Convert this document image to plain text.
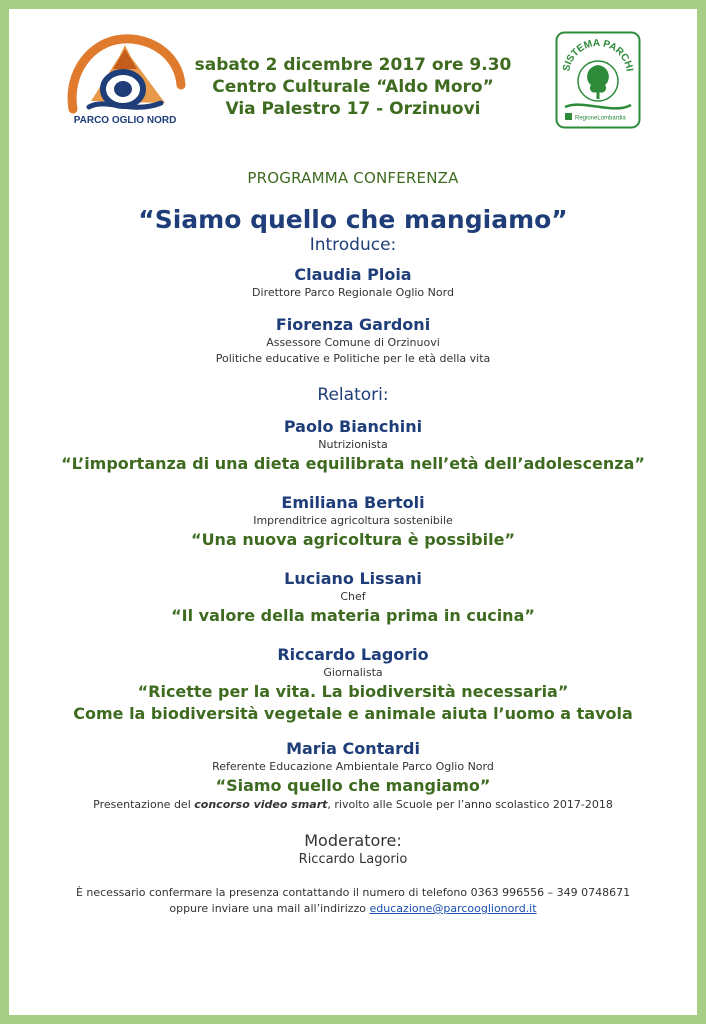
PARCO OGLIO NORD
sabato 2 dicembre 2017 ore 9.30
Centro Culturale “Aldo Moro”
Via Palestro 17 - Orzinuovi
SISTEMA PARCHI
RegioneLombardia
PROGRAMMA CONFERENZA
“Siamo quello che mangiamo”
Introduce:
Claudia Ploia
Direttore Parco Regionale Oglio Nord
Fiorenza Gardoni
Assessore Comune di Orzinuovi
Politiche educative e Politiche per le età della vita
Relatori:
Paolo Bianchini
Nutrizionista
“L’importanza di una dieta equilibrata nell’età dell’adolescenza”
Emiliana Bertoli
Imprenditrice agricoltura sostenibile
“Una nuova agricoltura è possibile”
Luciano Lissani
Chef
“Il valore della materia prima in cucina”
Riccardo Lagorio
Giornalista
“Ricette per la vita. La biodiversità necessaria”
Come la biodiversità vegetale e animale aiuta l’uomo a tavola
Maria Contardi
Referente Educazione Ambientale Parco Oglio Nord
“Siamo quello che mangiamo”
Presentazione del concorso video smart, rivolto alle Scuole per l’anno scolastico 2017-2018
Moderatore:
Riccardo Lagorio
È necessario confermare la presenza contattando il numero di telefono 0363 996556 – 349 0748671
oppure inviare una mail all’indirizzo educazione@parcooglionord.it
